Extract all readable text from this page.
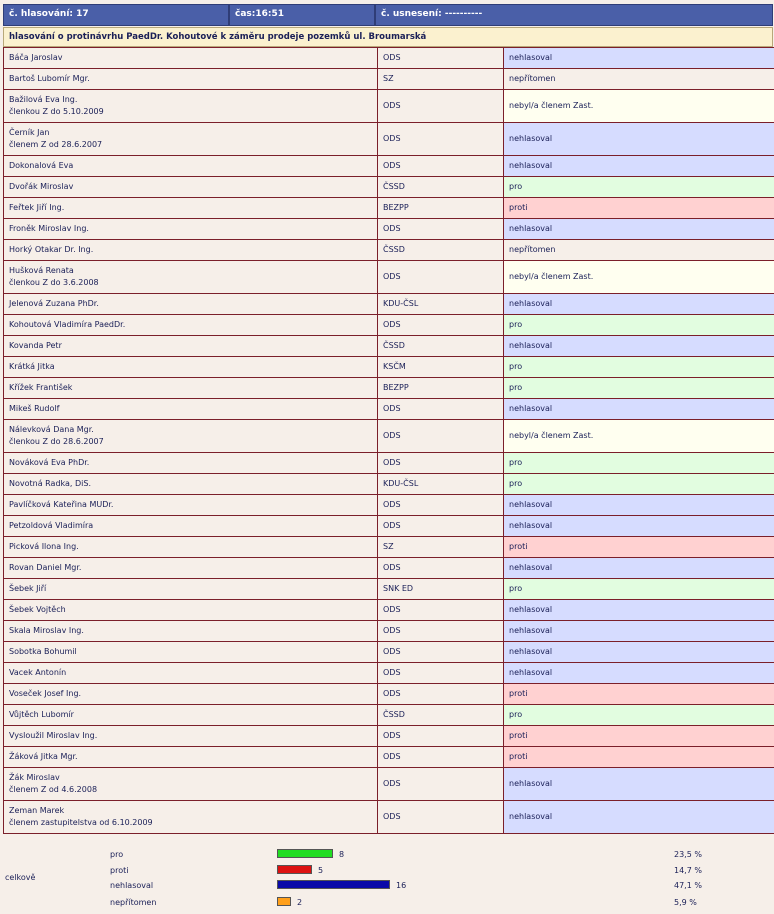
č. hlasování: 17	čas:16:51	č. usnesení: ----------
hlasování o protinávrhu PaedDr. Kohoutové k záměru prodeje pozemků ul. Broumarská
Báča Jaroslav	ODS	nehlasoval

Bartoš Lubomír Mgr.	SZ	nepřítomen

Bažilová Eva Ing.
členkou Z do 5.10.2009	ODS	nebyl/a členem Zast.

Černík Jan
členem Z od 28.6.2007	ODS	nehlasoval

Dokonalová Eva	ODS	nehlasoval

Dvořák Miroslav	ČSSD	pro

Feřtek Jiří Ing.	BEZPP	proti

Froněk Miroslav Ing.	ODS	nehlasoval

Horký Otakar Dr. Ing.	ČSSD	nepřítomen

Hušková Renata
členkou Z do 3.6.2008	ODS	nebyl/a členem Zast.

Jelenová Zuzana PhDr.	KDU-ČSL	nehlasoval

Kohoutová Vladimíra PaedDr.	ODS	pro

Kovanda Petr	ČSSD	nehlasoval

Krátká Jitka	KSČM	pro

Křížek František	BEZPP	pro

Mikeš Rudolf	ODS	nehlasoval

Nálevková Dana Mgr.
členkou Z do 28.6.2007	ODS	nebyl/a členem Zast.

Nováková Eva PhDr.	ODS	pro

Novotná Radka, DiS.	KDU-ČSL	pro

Pavlíčková Kateřina MUDr.	ODS	nehlasoval

Petzoldová Vladimíra	ODS	nehlasoval

Picková Ilona Ing.	SZ	proti

Rovan Daniel Mgr.	ODS	nehlasoval

Šebek Jiří	SNK ED	pro

Šebek Vojtěch	ODS	nehlasoval

Skala Miroslav Ing.	ODS	nehlasoval

Sobotka Bohumil	ODS	nehlasoval

Vacek Antonín	ODS	nehlasoval

Voseček Josef Ing.	ODS	proti

Vůjtěch Lubomír	ČSSD	pro

Vysloužil Miroslav Ing.	ODS	proti

Žáková Jitka Mgr.	ODS	proti

Žák Miroslav
členem Z od 4.6.2008	ODS	nehlasoval

Zeman Marek
členem zastupitelstva od 6.10.2009	ODS	nehlasoval
celkově
pro	8	23,5 %
proti	5	14,7 %
nehlasoval	16	47,1 %
nepřítomen	2	5,9 %
